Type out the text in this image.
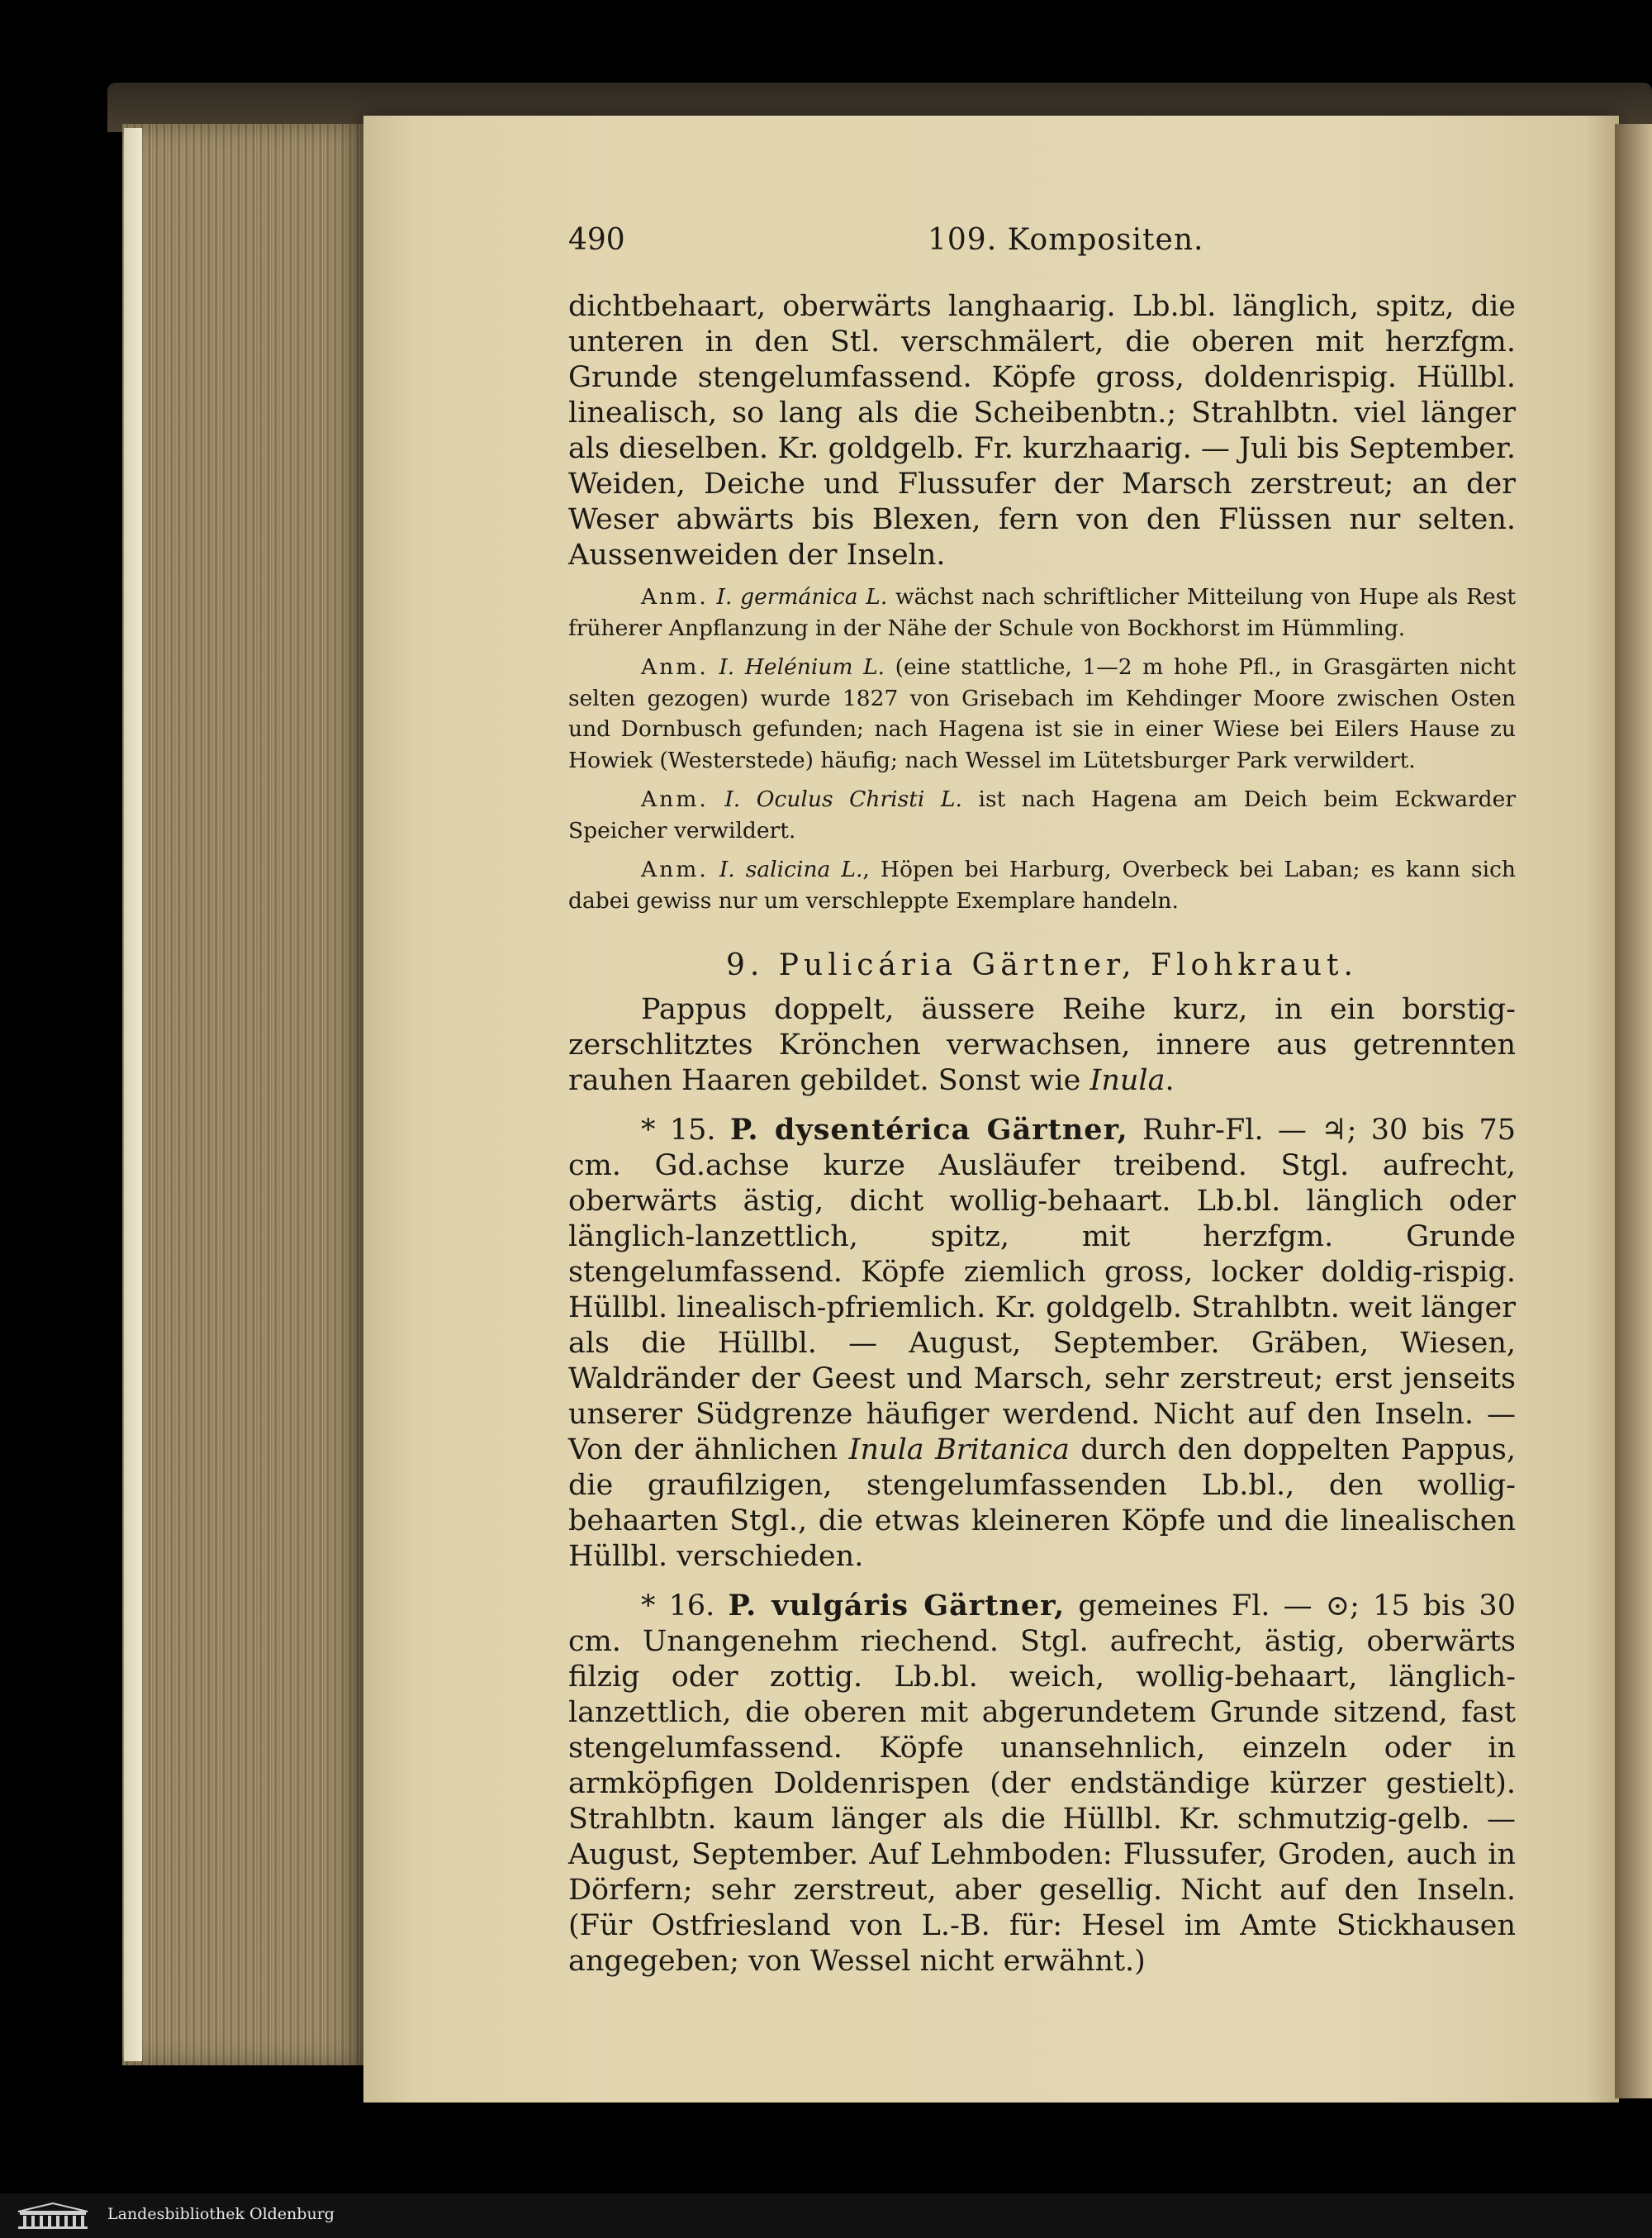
490	109. Kompositen.

dichtbehaart, oberwärts langhaarig. Lb.bl. länglich, spitz, die unteren in den Stl. verschmälert, die oberen mit herzfgm. Grunde stengelumfassend. Köpfe gross, doldenrispig. Hüllbl. linealisch, so lang als die Scheibenbtn.; Strahlbtn. viel länger als dieselben. Kr. goldgelb. Fr. kurzhaarig. — Juli bis September. Weiden, Deiche und Flussufer der Marsch zerstreut; an der Weser abwärts bis Blexen, fern von den Flüssen nur selten. Aussenweiden der Inseln.

Anm. I. germánica L. wächst nach schriftlicher Mitteilung von Hupe als Rest früherer Anpflanzung in der Nähe der Schule von Bockhorst im Hümmling.

Anm. I. Helénium L. (eine stattliche, 1—2 m hohe Pfl., in Grasgärten nicht selten gezogen) wurde 1827 von Grisebach im Kehdinger Moore zwischen Osten und Dornbusch gefunden; nach Hagena ist sie in einer Wiese bei Eilers Hause zu Howiek (Westerstede) häufig; nach Wessel im Lütetsburger Park verwildert.

Anm. I. Oculus Christi L. ist nach Hagena am Deich beim Eckwarder Speicher verwildert.

Anm. I. salicina L., Höpen bei Harburg, Overbeck bei Laban; es kann sich dabei gewiss nur um verschleppte Exemplare handeln.

9. Pulicária Gärtner, Flohkraut.

Pappus doppelt, äussere Reihe kurz, in ein borstig-zerschlitztes Krönchen verwachsen, innere aus getrennten rauhen Haaren gebildet. Sonst wie Inula.

* 15. P. dysentérica Gärtner, Ruhr-Fl. — ♃; 30 bis 75 cm. Gd.achse kurze Ausläufer treibend. Stgl. aufrecht, oberwärts ästig, dicht wollig-behaart. Lb.bl. länglich oder länglich-lanzettlich, spitz, mit herzfgm. Grunde stengelumfassend. Köpfe ziemlich gross, locker doldig-rispig. Hüllbl. linealisch-pfriemlich. Kr. goldgelb. Strahlbtn. weit länger als die Hüllbl. — August, September. Gräben, Wiesen, Waldränder der Geest und Marsch, sehr zerstreut; erst jenseits unserer Südgrenze häufiger werdend. Nicht auf den Inseln. — Von der ähnlichen Inula Britanica durch den doppelten Pappus, die graufilzigen, stengelumfassenden Lb.bl., den wollig-behaarten Stgl., die etwas kleineren Köpfe und die linealischen Hüllbl. verschieden.

* 16. P. vulgáris Gärtner, gemeines Fl. — ⊙; 15 bis 30 cm. Unangenehm riechend. Stgl. aufrecht, ästig, oberwärts filzig oder zottig. Lb.bl. weich, wollig-behaart, länglich-lanzettlich, die oberen mit abgerundetem Grunde sitzend, fast stengelumfassend. Köpfe unansehnlich, einzeln oder in armköpfigen Doldenrispen (der endständige kürzer gestielt). Strahlbtn. kaum länger als die Hüllbl. Kr. schmutzig-gelb. — August, September. Auf Lehmboden: Flussufer, Groden, auch in Dörfern; sehr zerstreut, aber gesellig. Nicht auf den Inseln. (Für Ostfriesland von L.-B. für: Hesel im Amte Stickhausen angegeben; von Wessel nicht erwähnt.)

Landesbibliothek Oldenburg
